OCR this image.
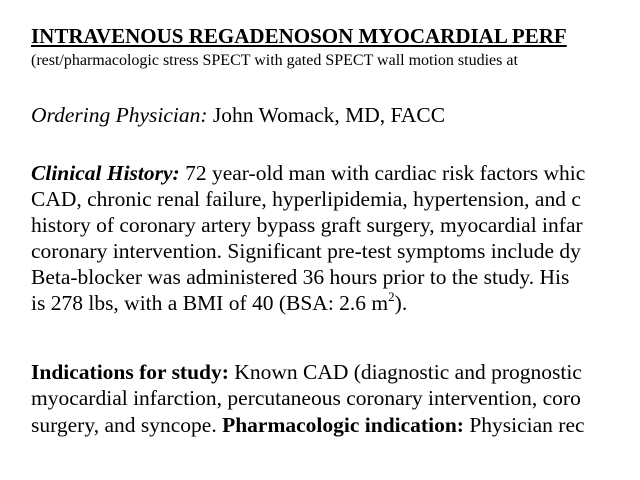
INTRAVENOUS REGADENOSON MYOCARDIAL PERF
(rest/pharmacologic stress SPECT with gated SPECT wall motion studies at
Ordering Physician: John Womack, MD, FACC
Clinical History: 72 year-old man with cardiac risk factors whic
CAD, chronic renal failure, hyperlipidemia, hypertension, and c
history of coronary artery bypass graft surgery, myocardial infar
coronary intervention. Significant pre-test symptoms include dy
Beta-blocker was administered 36 hours prior to the study. His
is 278 lbs, with a BMI of 40 (BSA: 2.6 $m^2$).
Indications for study: Known CAD (diagnostic and prognostic
myocardial infarction, percutaneous coronary intervention, coro
surgery, and syncope. Pharmacologic indication: Physician rec
